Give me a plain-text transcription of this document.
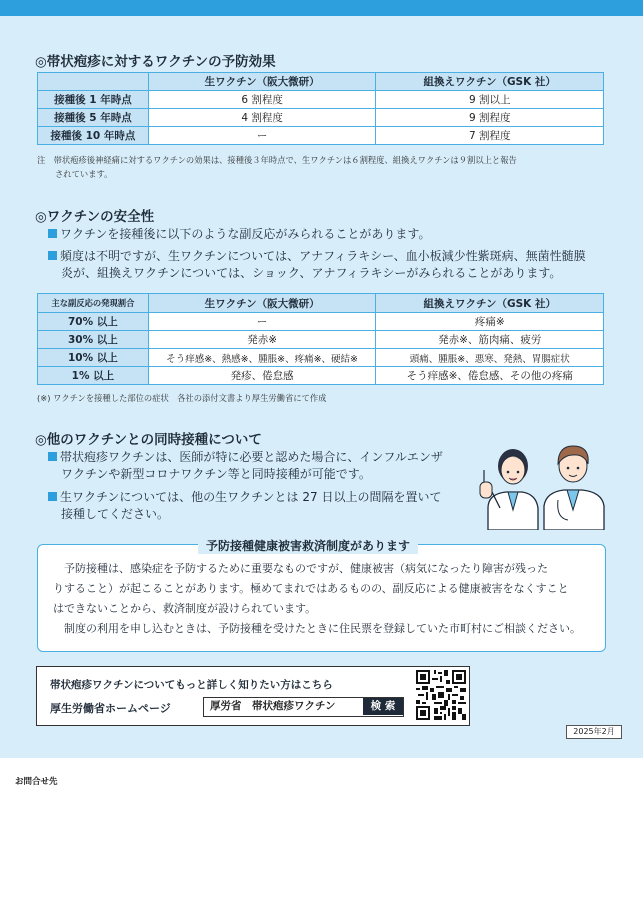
◎帯状疱疹に対するワクチンの予防効果
	生ワクチン（阪大微研）	組換えワクチン（GSK 社）
接種後 1 年時点	6 割程度	9 割以上
接種後 5 年時点	4 割程度	9 割程度
接種後 10 年時点	ー	7 割程度
注　帯状疱疹後神経痛に対するワクチンの効果は、接種後３年時点で、生ワクチンは６割程度、組換えワクチンは９割以上と報告
されています。
◎ワクチンの安全性
ワクチンを接種後に以下のような副反応がみられることがあります。
頻度は不明ですが、生ワクチンについては、アナフィラキシー、血小板減少性紫斑病、無菌性髄膜
炎が、組換えワクチンについては、ショック、アナフィラキシーがみられることがあります。
主な副反応の発現割合	生ワクチン（阪大微研）	組換えワクチン（GSK 社）
70% 以上	ー	疼痛※
30% 以上	発赤※	発赤※、筋肉痛、疲労
10% 以上	そう痒感※、熱感※、腫脹※、疼痛※、硬結※	頭痛、腫脹※、悪寒、発熱、胃腸症状
1% 以上	発疹、倦怠感	そう痒感※、倦怠感、その他の疼痛
(※) ワクチンを接種した部位の症状　各社の添付文書より厚生労働省にて作成
◎他のワクチンとの同時接種について
帯状疱疹ワクチンは、医師が特に必要と認めた場合に、インフルエンザ
ワクチンや新型コロナワクチン等と同時接種が可能です。
生ワクチンについては、他の生ワクチンとは 27 日以上の間隔を置いて
接種してください。
予防接種健康被害救済制度があります

　予防接種は、感染症を予防するために重要なものですが、健康被害（病気になったり障害が残った

りすること）が起こることがあります。極めてまれではあるものの、副反応による健康被害をなくすこと

はできないことから、救済制度が設けられています。

　制度の利用を申し込むときは、予防接種を受けたときに住民票を登録していた市町村にご相談ください。

帯状疱疹ワクチンについてもっと詳しく知りたい方はこちら
厚生労働省ホームページ	厚労省　帯状疱疹ワクチン	検 索
2025年2月
お問合せ先
